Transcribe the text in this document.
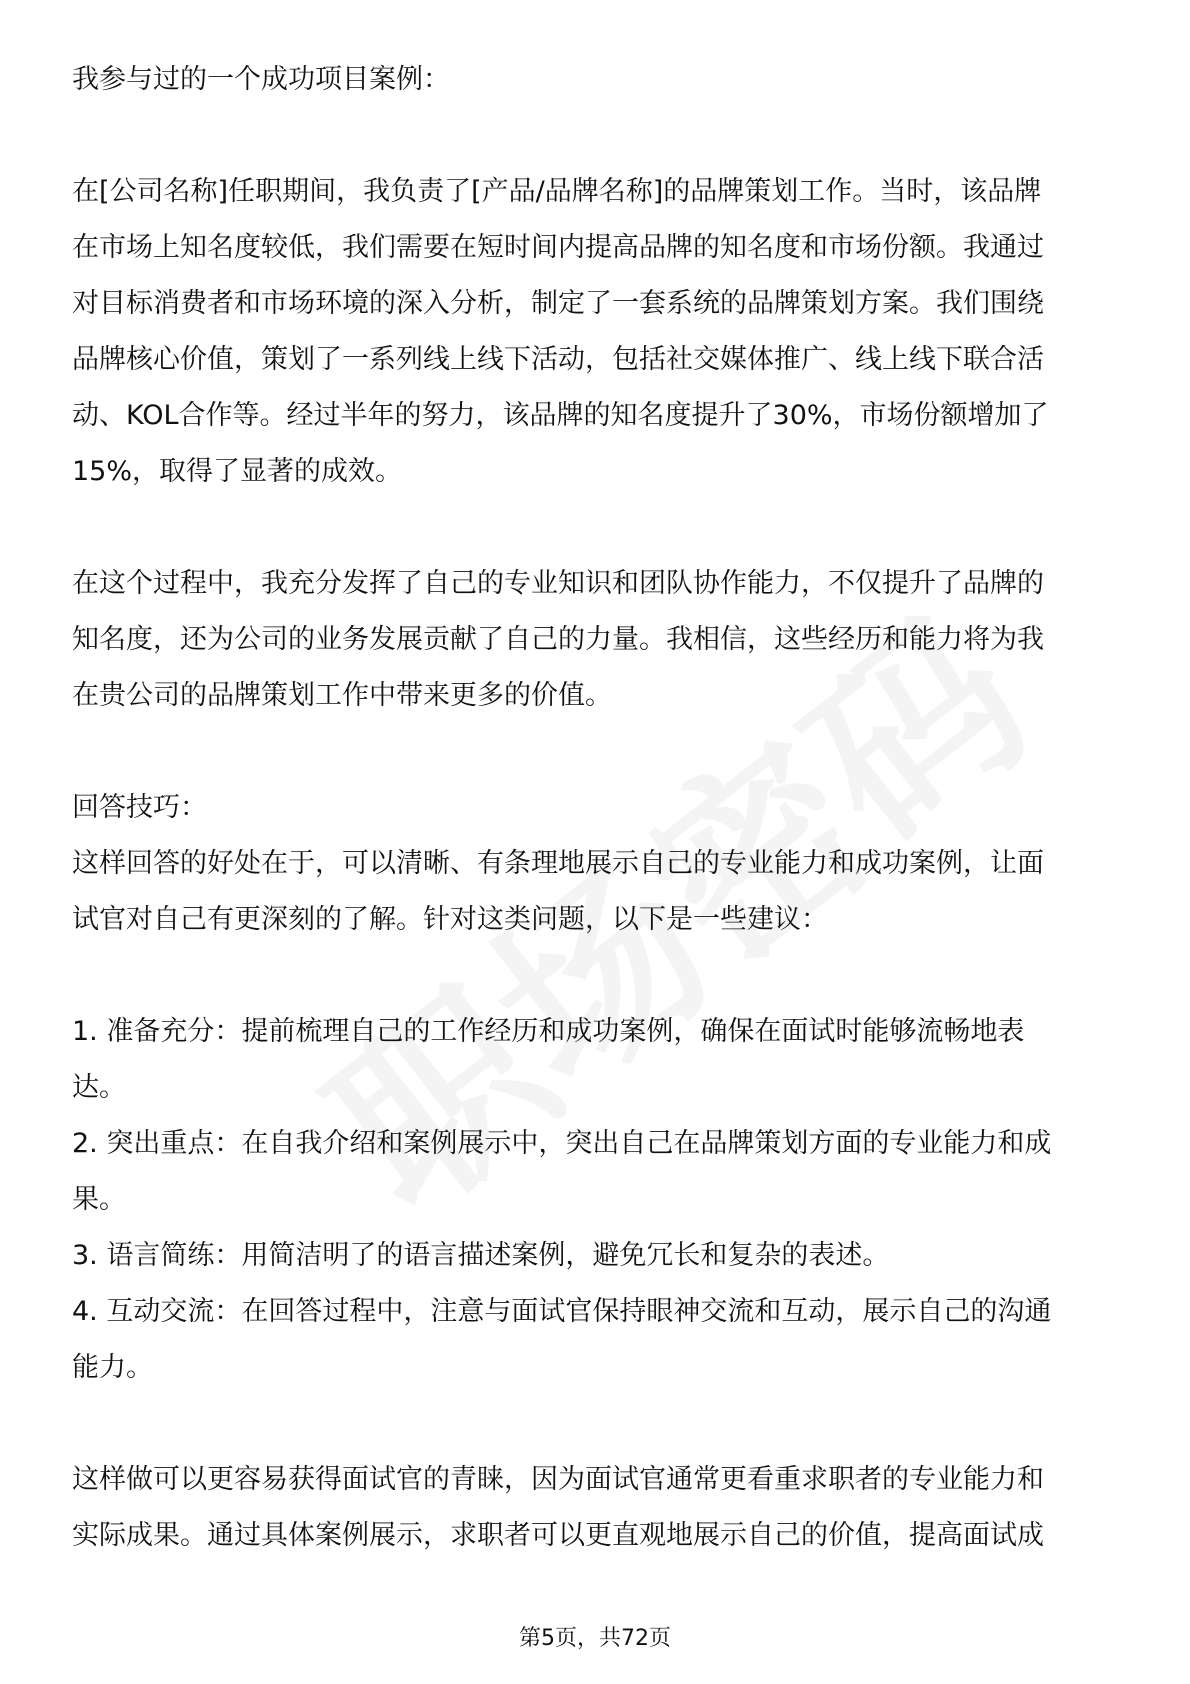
我参与过的一个成功项目案例：
在[公司名称]任职期间，我负责了[产品/品牌名称]的品牌策划工作。当时，该品牌
在市场上知名度较低，我们需要在短时间内提高品牌的知名度和市场份额。我通过
对目标消费者和市场环境的深入分析，制定了一套系统的品牌策划方案。我们围绕
品牌核心价值，策划了一系列线上线下活动，包括社交媒体推广、线上线下联合活
动、KOL合作等。经过半年的努力，该品牌的知名度提升了30%，市场份额增加了
15%，取得了显著的成效。
在这个过程中，我充分发挥了自己的专业知识和团队协作能力，不仅提升了品牌的
知名度，还为公司的业务发展贡献了自己的力量。我相信，这些经历和能力将为我
在贵公司的品牌策划工作中带来更多的价值。
回答技巧：
这样回答的好处在于，可以清晰、有条理地展示自己的专业能力和成功案例，让面
试官对自己有更深刻的了解。针对这类问题，以下是一些建议：
1. 准备充分：提前梳理自己的工作经历和成功案例，确保在面试时能够流畅地表
达。
2. 突出重点：在自我介绍和案例展示中，突出自己在品牌策划方面的专业能力和成
果。
3. 语言简练：用简洁明了的语言描述案例，避免冗长和复杂的表述。
4. 互动交流：在回答过程中，注意与面试官保持眼神交流和互动，展示自己的沟通
能力。
这样做可以更容易获得面试官的青睐，因为面试官通常更看重求职者的专业能力和
实际成果。通过具体案例展示，求职者可以更直观地展示自己的价值，提高面试成
第5页，共72页
